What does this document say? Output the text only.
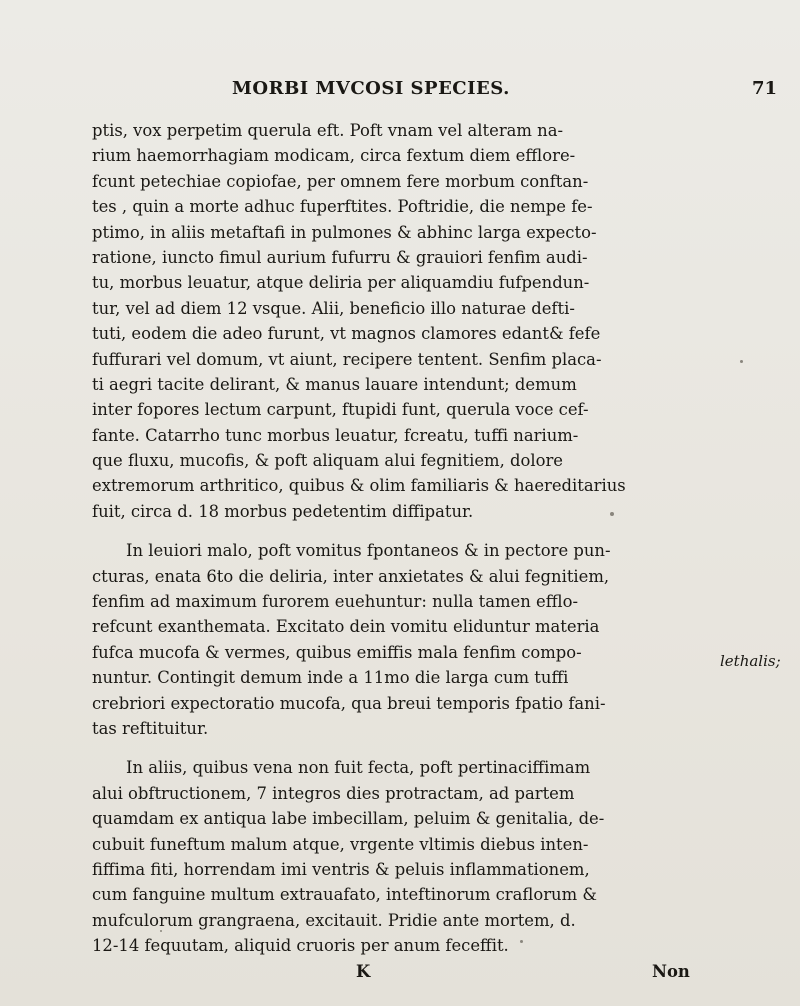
MORBI MVCOSI SPECIES.	71
ptis, vox perpetim querula eft. Poft vnam vel alteram na-
rium haemorrhagiam modicam, circa fextum diem efflore-
fcunt petechiae copiofae, per omnem fere morbum conftan-
tes , quin a morte adhuc fuperftites. Poftridie, die nempe fe-
ptimo, in aliis metaftafi in pulmones & abhinc larga expecto-
ratione, iuncto fimul aurium fufurru & grauiori fenfim audi-
tu, morbus leuatur, atque deliria per aliquamdiu fufpendun-
tur, vel ad diem 12 vsque. Alii, beneficio illo naturae defti-
tuti, eodem die adeo furunt, vt magnos clamores edant& fefe
fuffurari vel domum, vt aiunt, recipere tentent. Senfim placa-
ti aegri tacite delirant, & manus lauare intendunt; demum
inter fopores lectum carpunt, ftupidi funt, querula voce cef-
fante. Catarrho tunc morbus leuatur, fcreatu, tuffi narium-
que fluxu, mucofis, & poft aliquam alui fegnitiem, dolore
extremorum arthritico, quibus & olim familiaris & haereditarius
fuit, circa d. 18 morbus pedetentim diffipatur.
In leuiori malo, poft vomitus fpontaneos & in pectore pun-
cturas, enata 6to die deliria, inter anxietates & alui fegnitiem,
fenfim ad maximum furorem euehuntur: nulla tamen efflo-
refcunt exanthemata. Excitato dein vomitu eliduntur materia
fufca mucofa & vermes, quibus emiffis mala fenfim compo-
nuntur. Contingit demum inde a 11mo die larga cum tuffi
crebriori expectoratio mucofa, qua breui temporis fpatio fani-
tas reftituitur.
In aliis, quibus vena non fuit fecta, poft pertinaciffimam
alui obftructionem, 7 integros dies protractam, ad partem
quamdam ex antiqua labe imbecillam, peluim & genitalia, de-
cubuit funeftum malum atque, vrgente vltimis diebus inten-
fiffima fiti, horrendam imi ventris & peluis inflammationem,
cum fanguine multum extrauafato, inteftinorum craflorum &
mufculorum grangraena, excitauit. Pridie ante mortem, d.
12-14 fequutam, aliquid cruoris per anum feceffit.
K	Non
lethalis;
